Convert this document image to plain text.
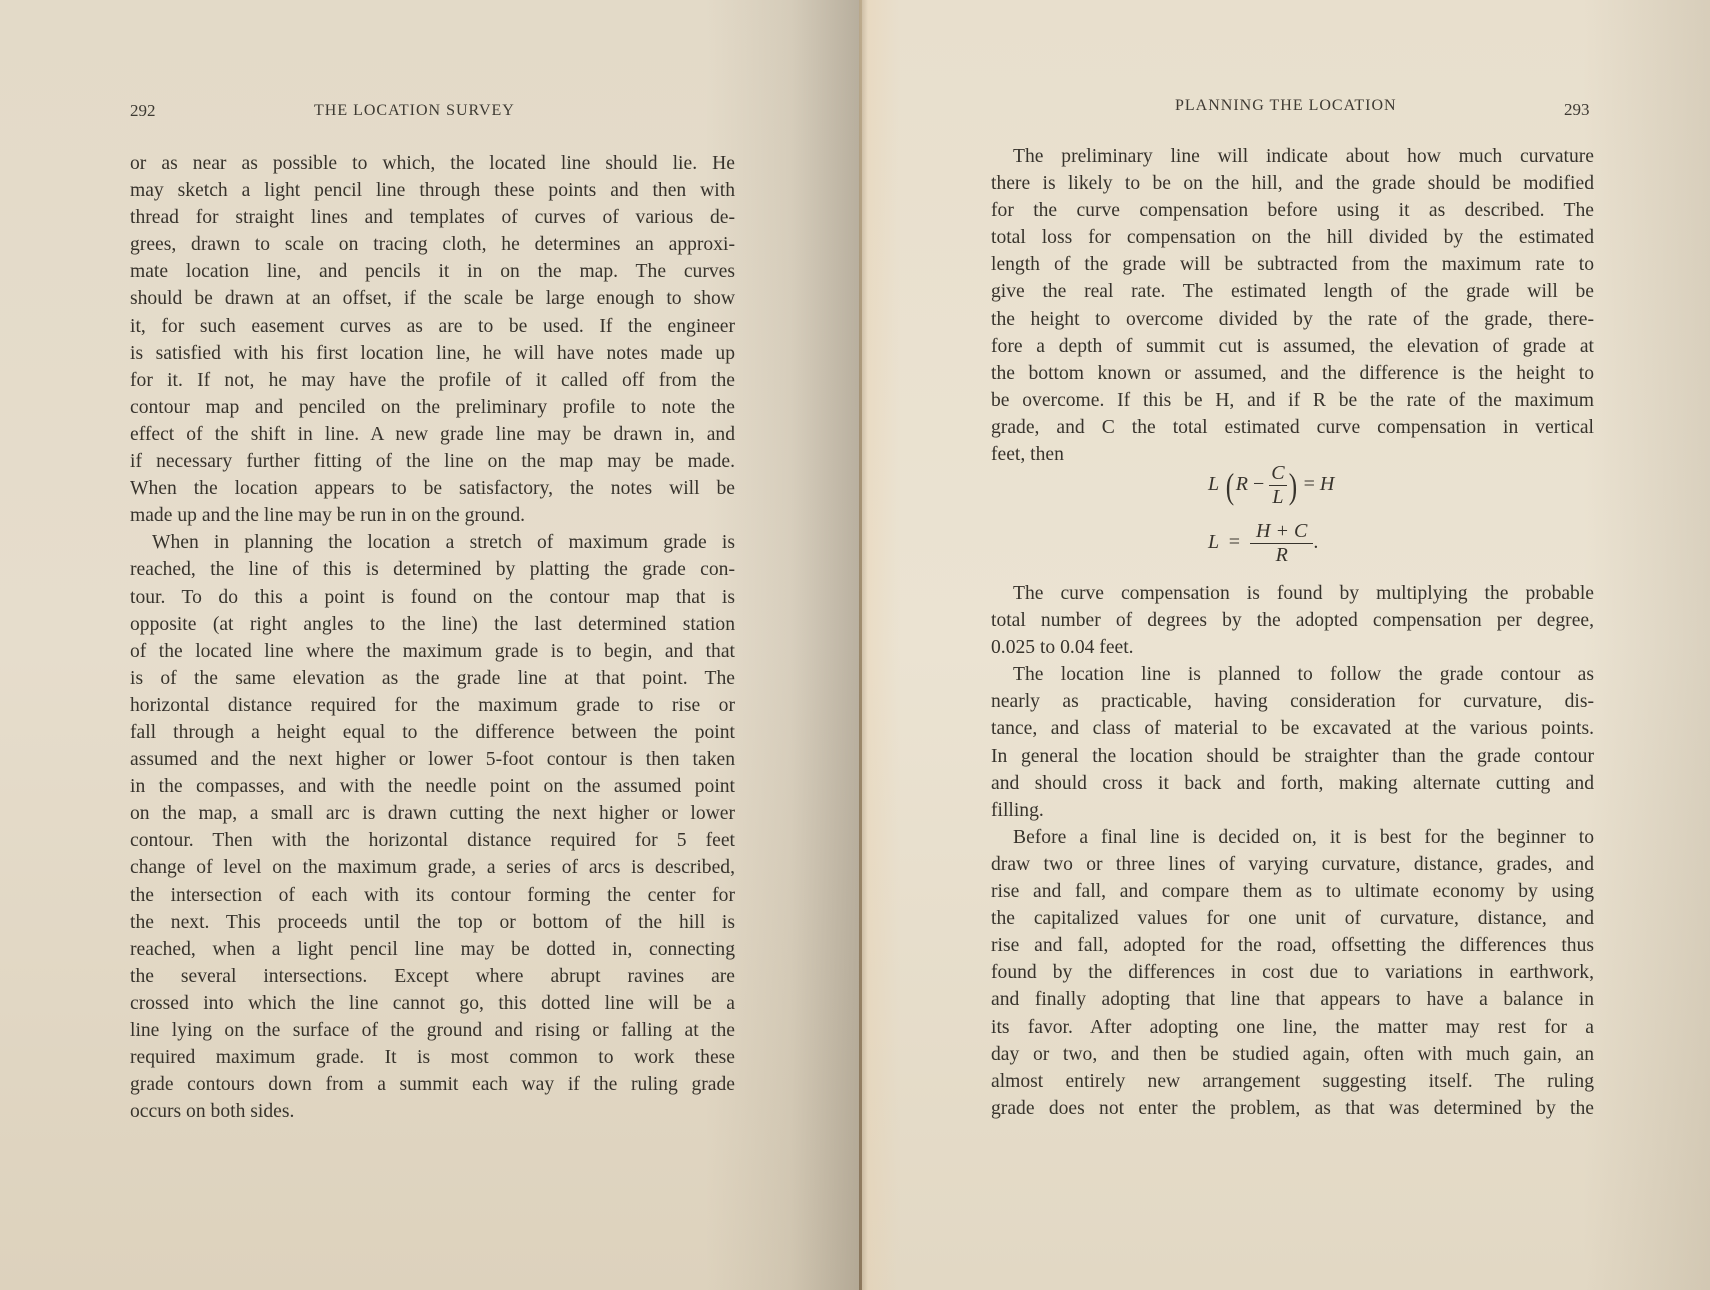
292	THE LOCATION SURVEY
or as near as possible to which, the located line should lie. He
may sketch a light pencil line through these points and then with
thread for straight lines and templates of curves of various de-
grees, drawn to scale on tracing cloth, he determines an approxi-
mate location line, and pencils it in on the map. The curves
should be drawn at an offset, if the scale be large enough to show
it, for such easement curves as are to be used. If the engineer
is satisfied with his first location line, he will have notes made up
for it. If not, he may have the profile of it called off from the
contour map and penciled on the preliminary profile to note the
effect of the shift in line. A new grade line may be drawn in, and
if necessary further fitting of the line on the map may be made.
When the location appears to be satisfactory, the notes will be
made up and the line may be run in on the ground.
When in planning the location a stretch of maximum grade is
reached, the line of this is determined by platting the grade con-
tour. To do this a point is found on the contour map that is
opposite (at right angles to the line) the last determined station
of the located line where the maximum grade is to begin, and that
is of the same elevation as the grade line at that point. The
horizontal distance required for the maximum grade to rise or
fall through a height equal to the difference between the point
assumed and the next higher or lower 5-foot contour is then taken
in the compasses, and with the needle point on the assumed point
on the map, a small arc is drawn cutting the next higher or lower
contour. Then with the horizontal distance required for 5 feet
change of level on the maximum grade, a series of arcs is described,
the intersection of each with its contour forming the center for
the next. This proceeds until the top or bottom of the hill is
reached, when a light pencil line may be dotted in, connecting
the several intersections. Except where abrupt ravines are
crossed into which the line cannot go, this dotted line will be a
line lying on the surface of the ground and rising or falling at the
required maximum grade. It is most common to work these
grade contours down from a summit each way if the ruling grade
occurs on both sides.
PLANNING THE LOCATION	293
The preliminary line will indicate about how much curvature
there is likely to be on the hill, and the grade should be modified
for the curve compensation before using it as described. The
total loss for compensation on the hill divided by the estimated
length of the grade will be subtracted from the maximum rate to
give the real rate. The estimated length of the grade will be
the height to overcome divided by the rate of the grade, there-
fore a depth of summit cut is assumed, the elevation of grade at
the bottom known or assumed, and the difference is the height to
be overcome. If this be H, and if R be the rate of the maximum
grade, and C the total estimated curve compensation in vertical
feet, then
L ($R - \frac{C}{L}$ ) = H
$L = \frac{H + C}{R}$ .
The curve compensation is found by multiplying the probable
total number of degrees by the adopted compensation per degree,
0.025 to 0.04 feet.
The location line is planned to follow the grade contour as
nearly as practicable, having consideration for curvature, dis-
tance, and class of material to be excavated at the various points.
In general the location should be straighter than the grade contour
and should cross it back and forth, making alternate cutting and
filling.
Before a final line is decided on, it is best for the beginner to
draw two or three lines of varying curvature, distance, grades, and
rise and fall, and compare them as to ultimate economy by using
the capitalized values for one unit of curvature, distance, and
rise and fall, adopted for the road, offsetting the differences thus
found by the differences in cost due to variations in earthwork,
and finally adopting that line that appears to have a balance in
its favor. After adopting one line, the matter may rest for a
day or two, and then be studied again, often with much gain, an
almost entirely new arrangement suggesting itself. The ruling
grade does not enter the problem, as that was determined by the
